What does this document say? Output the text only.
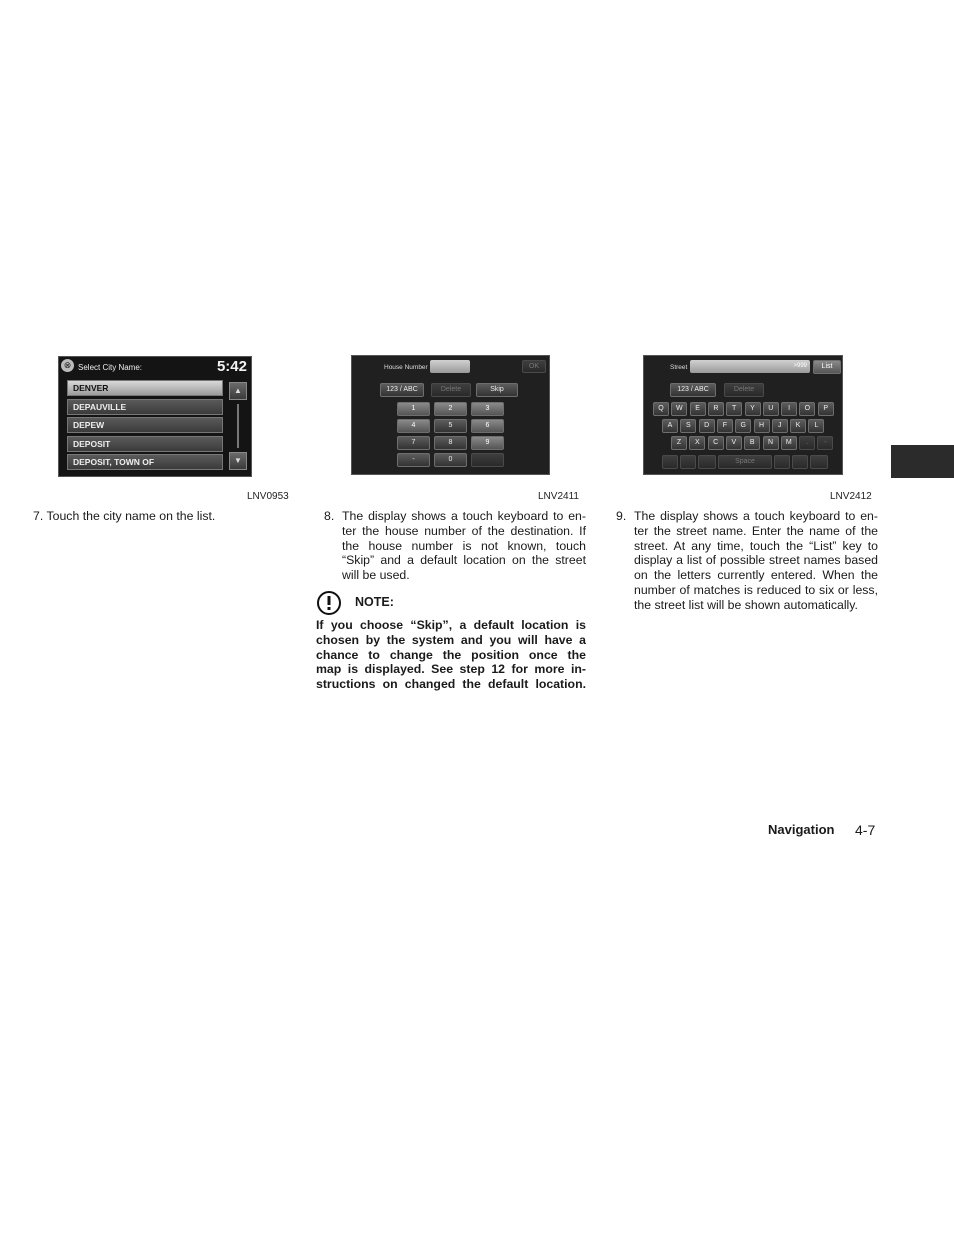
⊗ Select City Name:	5:42
DENVER
DEPAUVILLE
DEPEW
DEPOSIT
DEPOSIT, TOWN OF
▲
▼
LNV0953
House Number	OK
123 / ABC	Delete	Skip
1	2	3
4	5	6
7	8	9
-	0
LNV2411
Street	>999	List
123 / ABC	Delete
Space
Q	W	E	R	T	Y	U	I	O	P
A	S	D	F	G	H	J	K	L
Z	X	C	V	B	N	M	.	-
LNV2412
7. Touch the city name on the list.	8. The display shows a touch keyboard to en-
ter the house number of the destination. If
the house number is not known, touch
“Skip” and a default location on the street
will be used.
NOTE:
If you choose “Skip”, a default location is
chosen by the system and you will have a
chance to change the position once the
map is displayed. See step 12 for more in-
structions on changed the default location.
9. The display shows a touch keyboard to en-
ter the street name. Enter the name of the
street. At any time, touch the “List” key to
display a list of possible street names based
on the letters currently entered. When the
number of matches is reduced to six or less,
the street list will be shown automatically.
Navigation 4-7
